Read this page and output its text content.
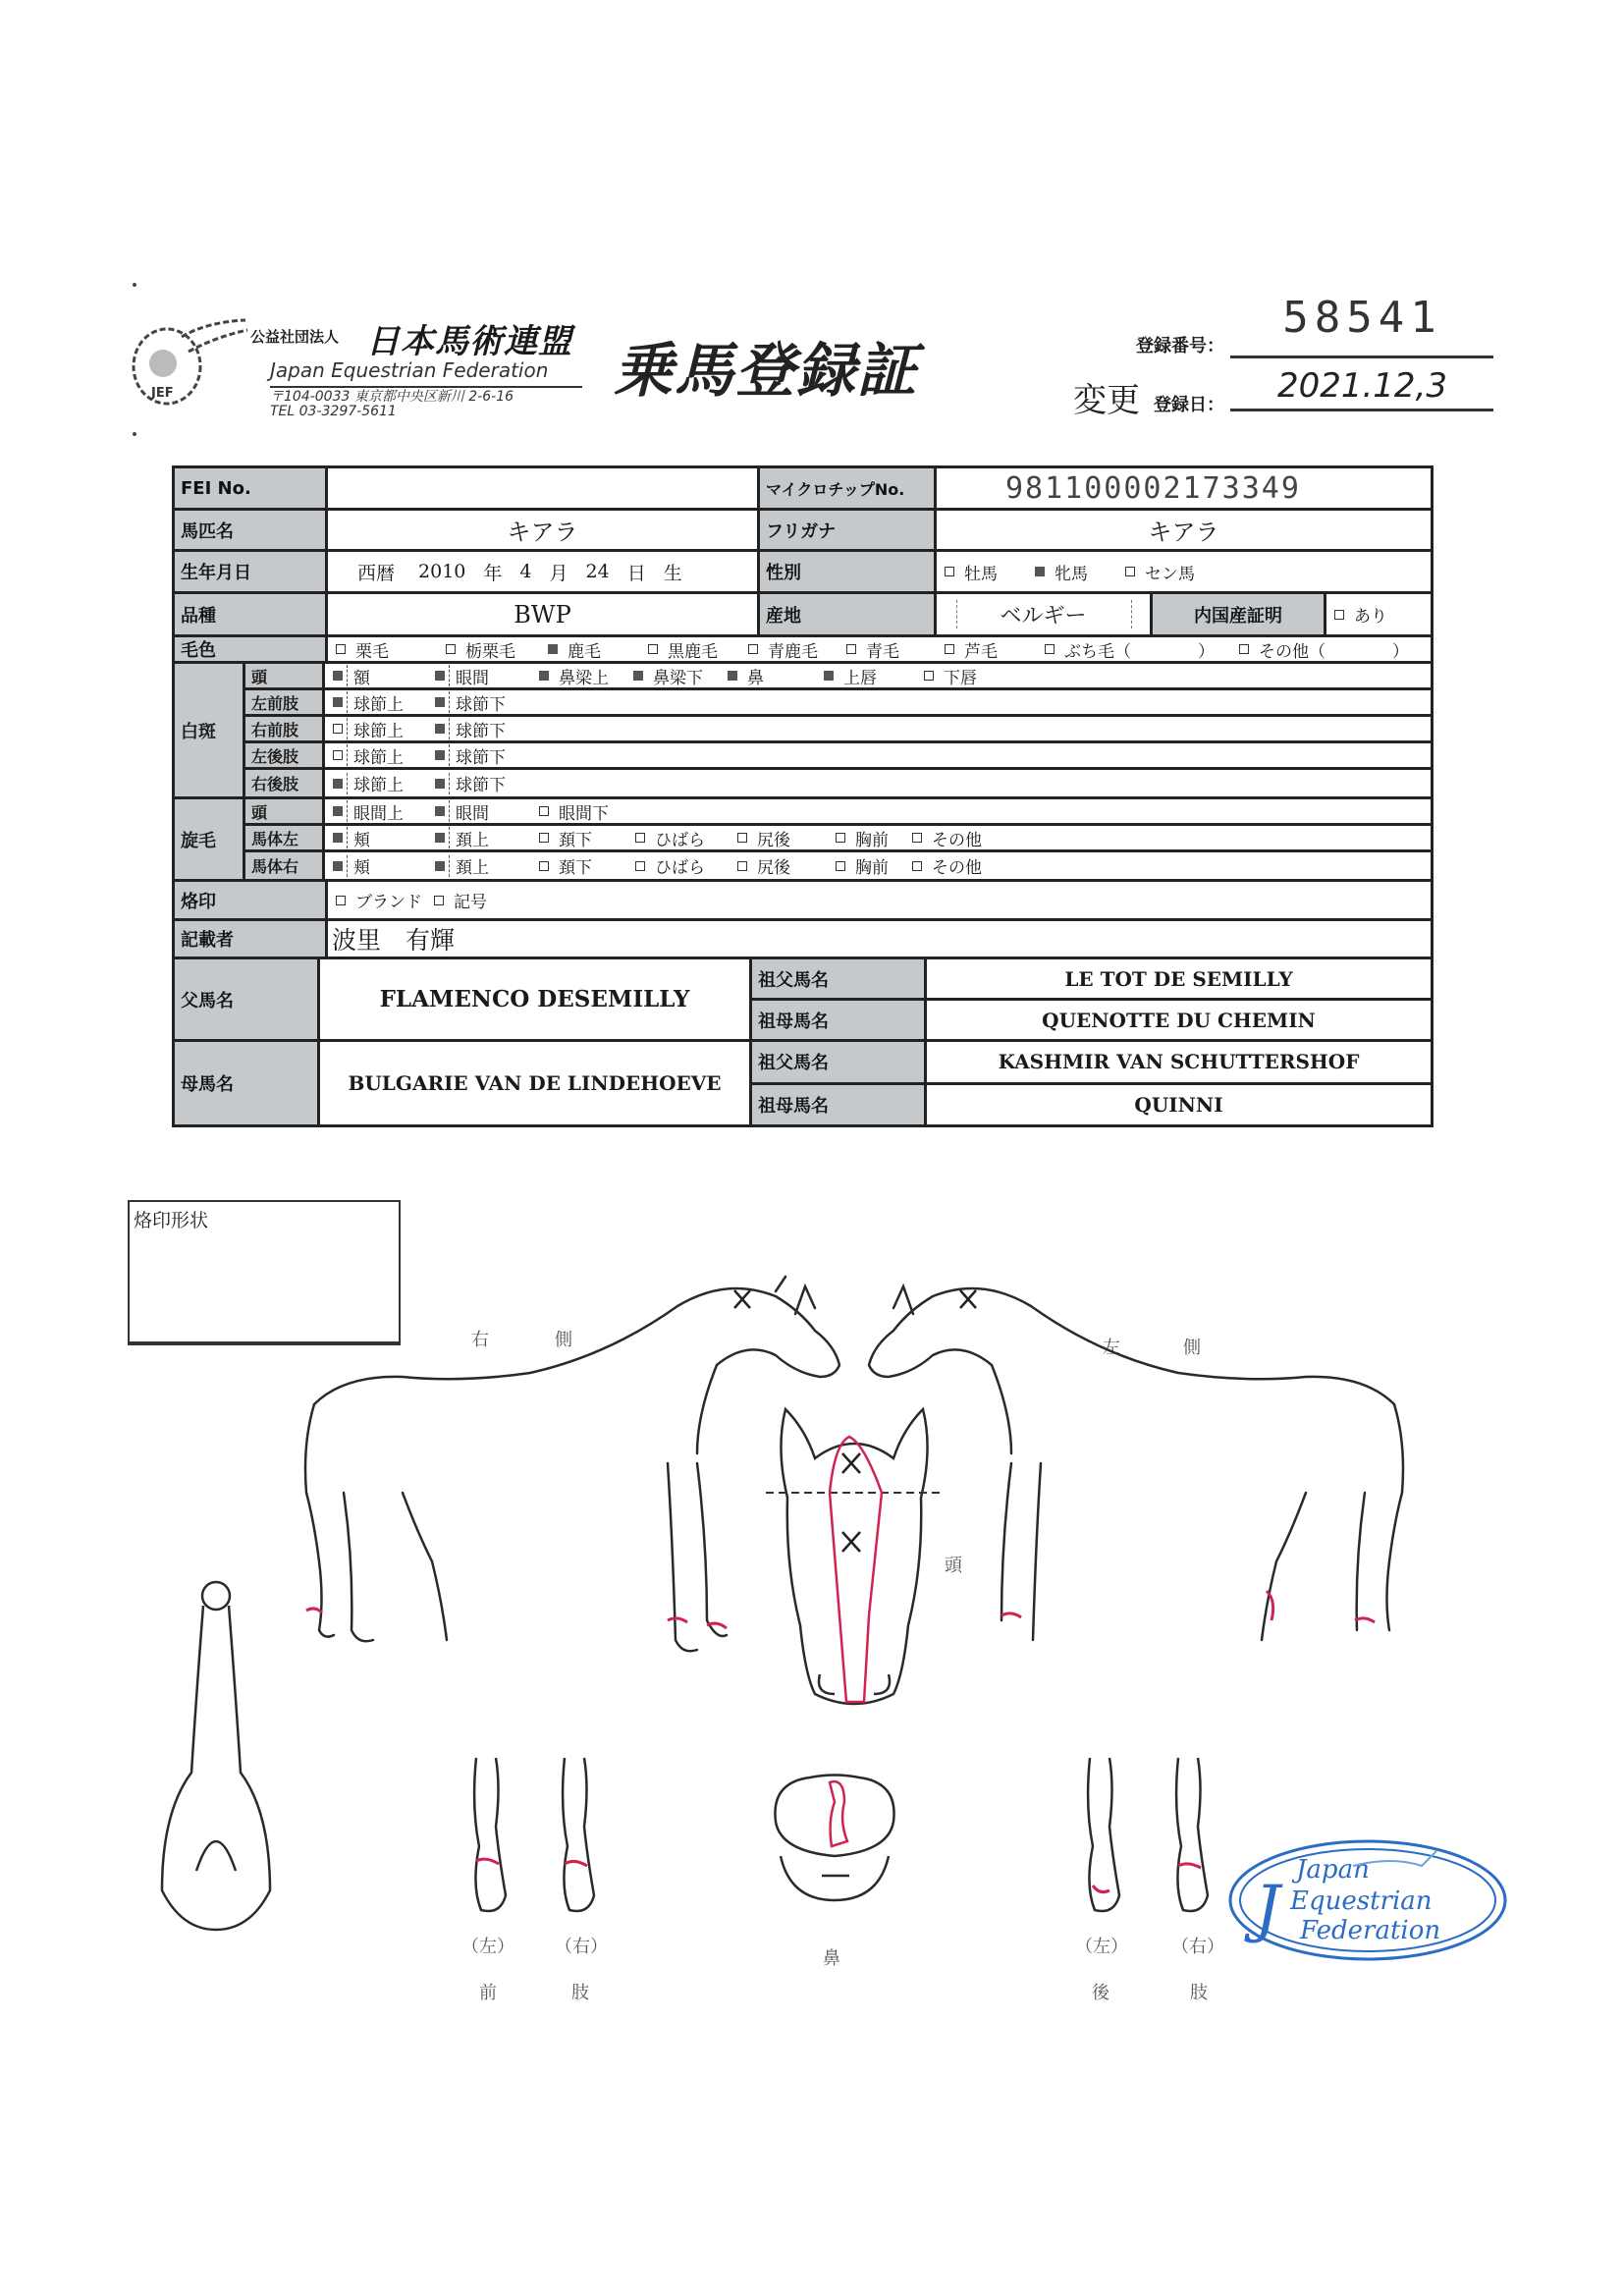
JEF
公益社団法人 日本馬術連盟
Japan Equestrian Federation
〒104-0033 東京都中央区新川 2-6-16
TEL 03-3297-5611
乗馬登録証	登録番号：
58541
変更 登録日：	2021.12,3
FEI No.	マイクロチップNo.	981100002173349
馬匹名	キアラ	フリガナ	キアラ
生年月日	西暦 2010 年 4 月 24 日 生	性別	牡馬	牝馬	セン馬
品種	BWP	産地	ベルギー	内国産証明	あり
毛色	栗毛	栃栗毛	鹿毛	黒鹿毛	青鹿毛	青毛	芦毛	ぶち毛（　　　　）	その他（　　　　）
白斑
頭	額	眼間	鼻梁上	鼻梁下	鼻	上唇	下唇
左前肢	球節上	球節下
右前肢	球節上	球節下
左後肢	球節上	球節下
右後肢	球節上	球節下
旋毛
頭	眼間上	眼間	眼間下
馬体左	頬	頚上	頚下	ひばら	尻後	胸前	その他
馬体右	頬	頚上	頚下	ひばら	尻後	胸前	その他
烙印	ブランド 記号
記載者	波里　有輝
父馬名	FLAMENCO DESEMILLY
祖父馬名	LE TOT DE SEMILLY
祖母馬名	QUENOTTE DU CHEMIN
母馬名	BULGARIE VAN DE LINDEHOEVE
祖父馬名	KASHMIR VAN SCHUTTERSHOF
祖母馬名	QUINNI
烙印形状
右	側	左	側
頭
（左） （右）
前	肢
鼻
（左） （右）
後	肢
J
Japan
Equestrian
Federation
